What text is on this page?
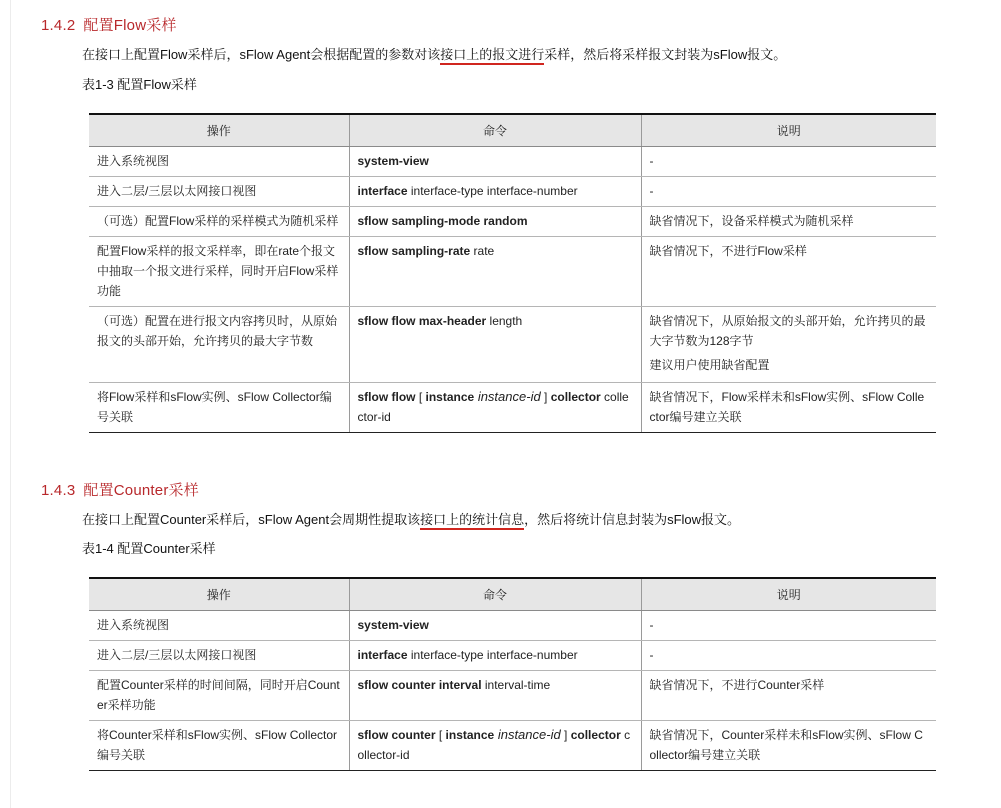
1.4.2 配置Flow采样
在接口上配置Flow采样后，sFlow Agent会根据配置的参数对该接口上的报文进行采样，然后将采样报文封装为sFlow报文。
表1-3 配置Flow采样
操作	命令	说明
进入系统视图	system-view	-
进入二层/三层以太网接口视图	interface interface-type interface-number	-
（可选）配置Flow采样的采样模式为随机采样	sflow sampling-mode random	缺省情况下，设备采样模式为随机采样
配置Flow采样的报文采样率，即在rate个报文中抽取一个报文进行采样，同时开启Flow采样功能	sflow sampling-rate rate	缺省情况下，不进行Flow采样
（可选）配置在进行报文内容拷贝时，从原始报文的头部开始，允许拷贝的最大字节数	sflow flow max-header length	缺省情况下，从原始报文的头部开始，允许拷贝的最大字节数为128字节
建议用户使用缺省配置

将Flow采样和sFlow实例、sFlow Collector编号关联	sflow flow [ instance instance-id ] collector collector-id	缺省情况下，Flow采样未和sFlow实例、sFlow Collector编号建立关联
1.4.3 配置Counter采样
在接口上配置Counter采样后，sFlow Agent会周期性提取该接口上的统计信息，然后将统计信息封装为sFlow报文。
表1-4 配置Counter采样
操作	命令	说明
进入系统视图	system-view	-
进入二层/三层以太网接口视图	interface interface-type interface-number	-
配置Counter采样的时间间隔，同时开启Counter采样功能	sflow counter interval interval-time	缺省情况下，不进行Counter采样
将Counter采样和sFlow实例、sFlow Collector编号关联	sflow counter [ instance instance-id ] collector collector-id	缺省情况下，Counter采样未和sFlow实例、sFlow Collector编号建立关联
